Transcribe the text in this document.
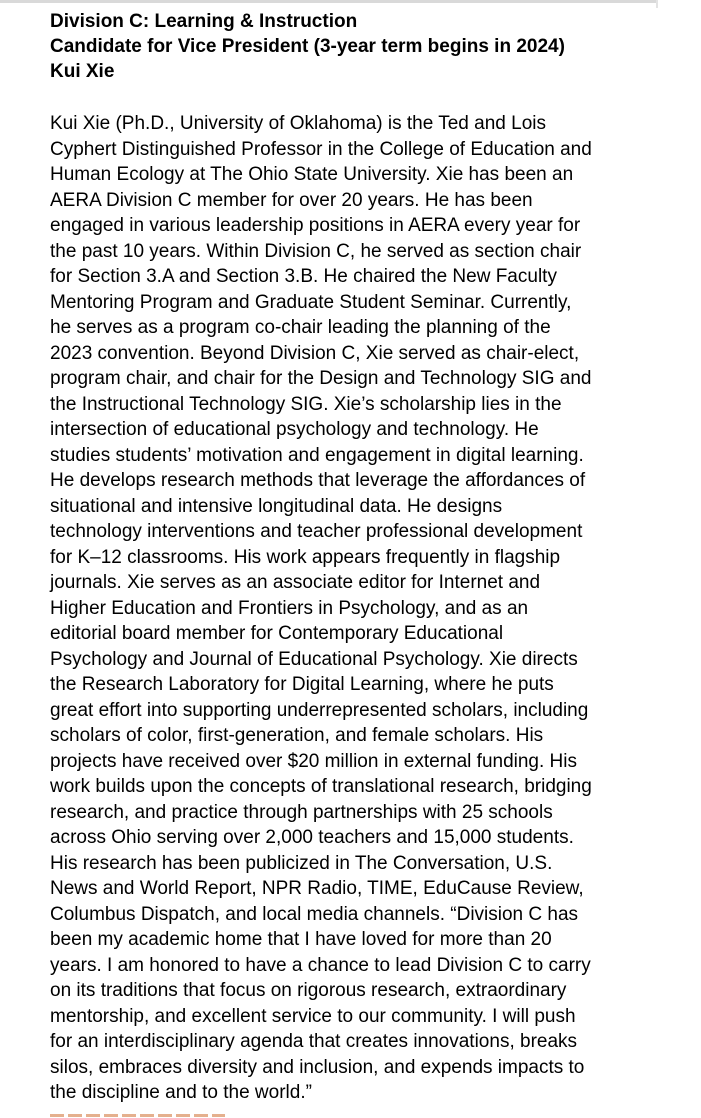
Division C: Learning & Instruction
Candidate for Vice President (3-year term begins in 2024)
Kui Xie
Kui Xie (Ph.D., University of Oklahoma) is the Ted and Lois
Cyphert Distinguished Professor in the College of Education and
Human Ecology at The Ohio State University. Xie has been an
AERA Division C member for over 20 years. He has been
engaged in various leadership positions in AERA every year for
the past 10 years. Within Division C, he served as section chair
for Section 3.A and Section 3.B. He chaired the New Faculty
Mentoring Program and Graduate Student Seminar. Currently,
he serves as a program co-chair leading the planning of the
2023 convention. Beyond Division C, Xie served as chair-elect,
program chair, and chair for the Design and Technology SIG and
the Instructional Technology SIG. Xie’s scholarship lies in the
intersection of educational psychology and technology. He
studies students’ motivation and engagement in digital learning.
He develops research methods that leverage the affordances of
situational and intensive longitudinal data. He designs
technology interventions and teacher professional development
for K–12 classrooms. His work appears frequently in flagship
journals. Xie serves as an associate editor for Internet and
Higher Education and Frontiers in Psychology, and as an
editorial board member for Contemporary Educational
Psychology and Journal of Educational Psychology. Xie directs
the Research Laboratory for Digital Learning, where he puts
great effort into supporting underrepresented scholars, including
scholars of color, first-generation, and female scholars. His
projects have received over $20 million in external funding. His
work builds upon the concepts of translational research, bridging
research, and practice through partnerships with 25 schools
across Ohio serving over 2,000 teachers and 15,000 students.
His research has been publicized in The Conversation, U.S.
News and World Report, NPR Radio, TIME, EduCause Review,
Columbus Dispatch, and local media channels. “Division C has
been my academic home that I have loved for more than 20
years. I am honored to have a chance to lead Division C to carry
on its traditions that focus on rigorous research, extraordinary
mentorship, and excellent service to our community. I will push
for an interdisciplinary agenda that creates innovations, breaks
silos, embraces diversity and inclusion, and expends impacts to
the discipline and to the world.”
